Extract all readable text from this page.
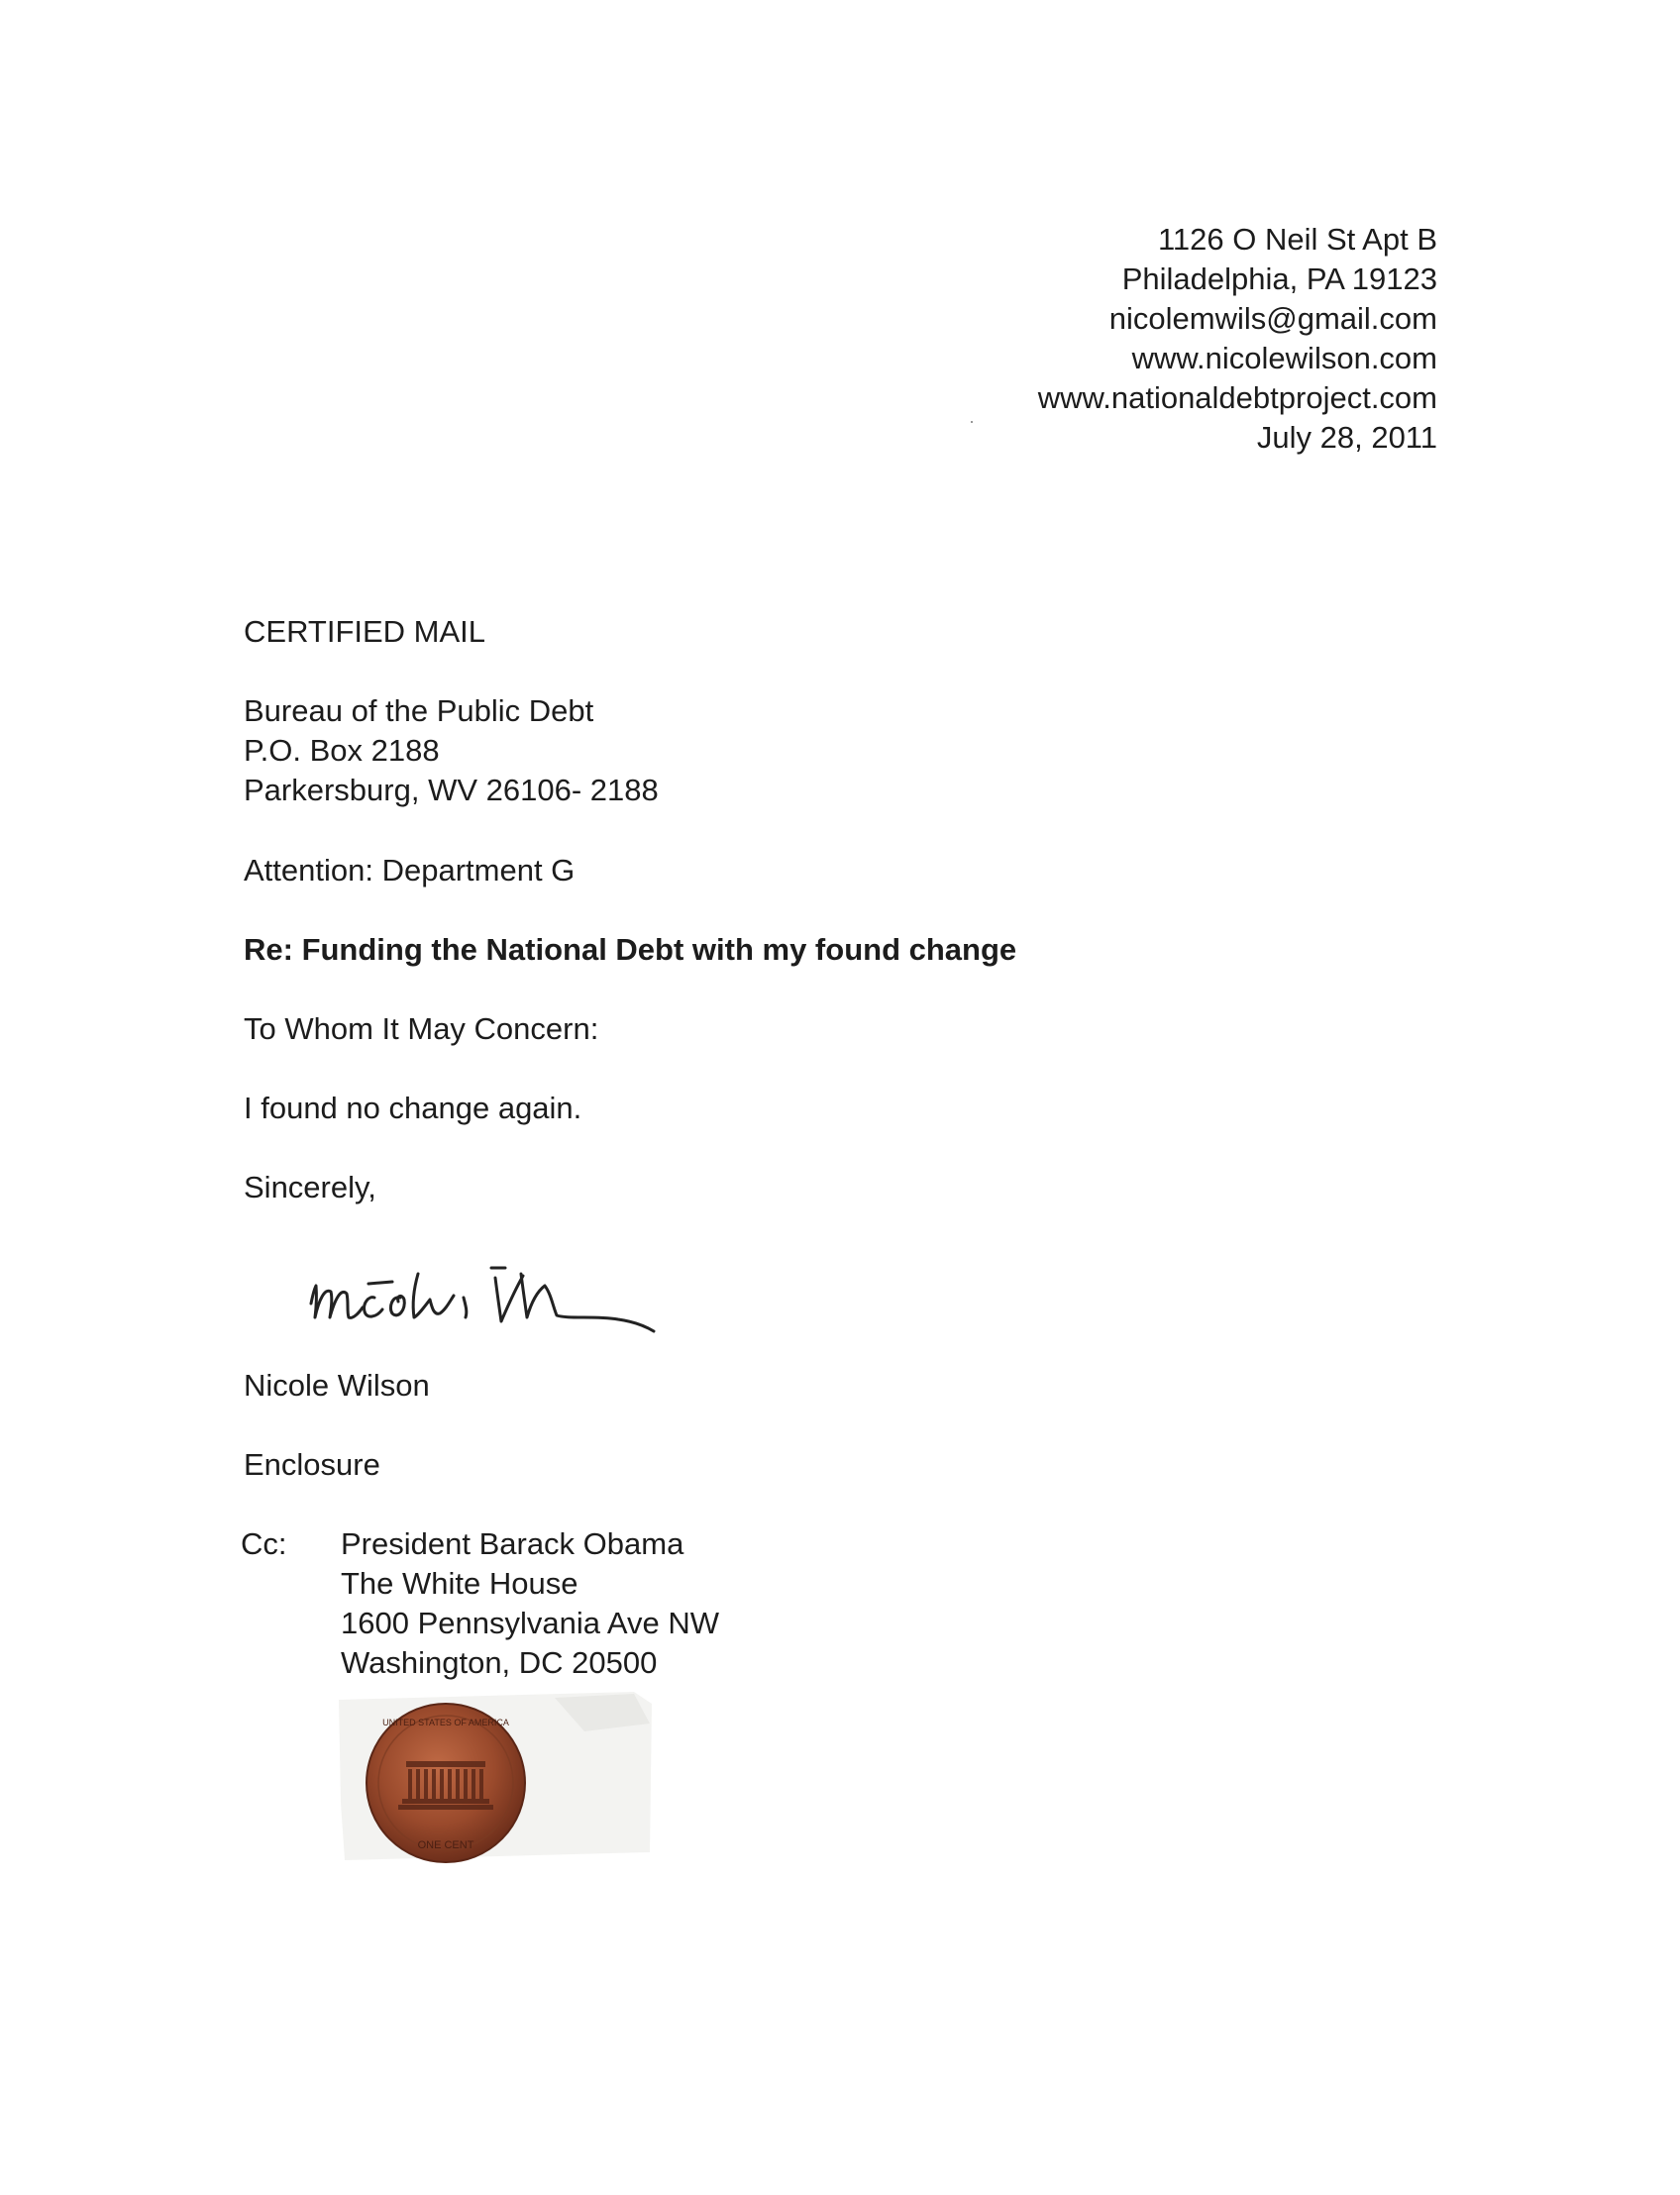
1126 O Neil St Apt B
Philadelphia, PA 19123
nicolemwils@gmail.com
www.nicolewilson.com
www.nationaldebtproject.com
July 28, 2011
CERTIFIED MAIL
Bureau of the Public Debt
P.O. Box 2188
Parkersburg, WV 26106- 2188
Attention: Department G
Re: Funding the National Debt with my found change
To Whom It May Concern:
I found no change again.
Sincerely,
Nicole Wilson
Nicole Wilson
Enclosure
Cc: President Barack Obama
The White House
1600 Pennsylvania Ave NW
Washington, DC 20500
UNITED STATES OF AMERICA
ONE CENT
